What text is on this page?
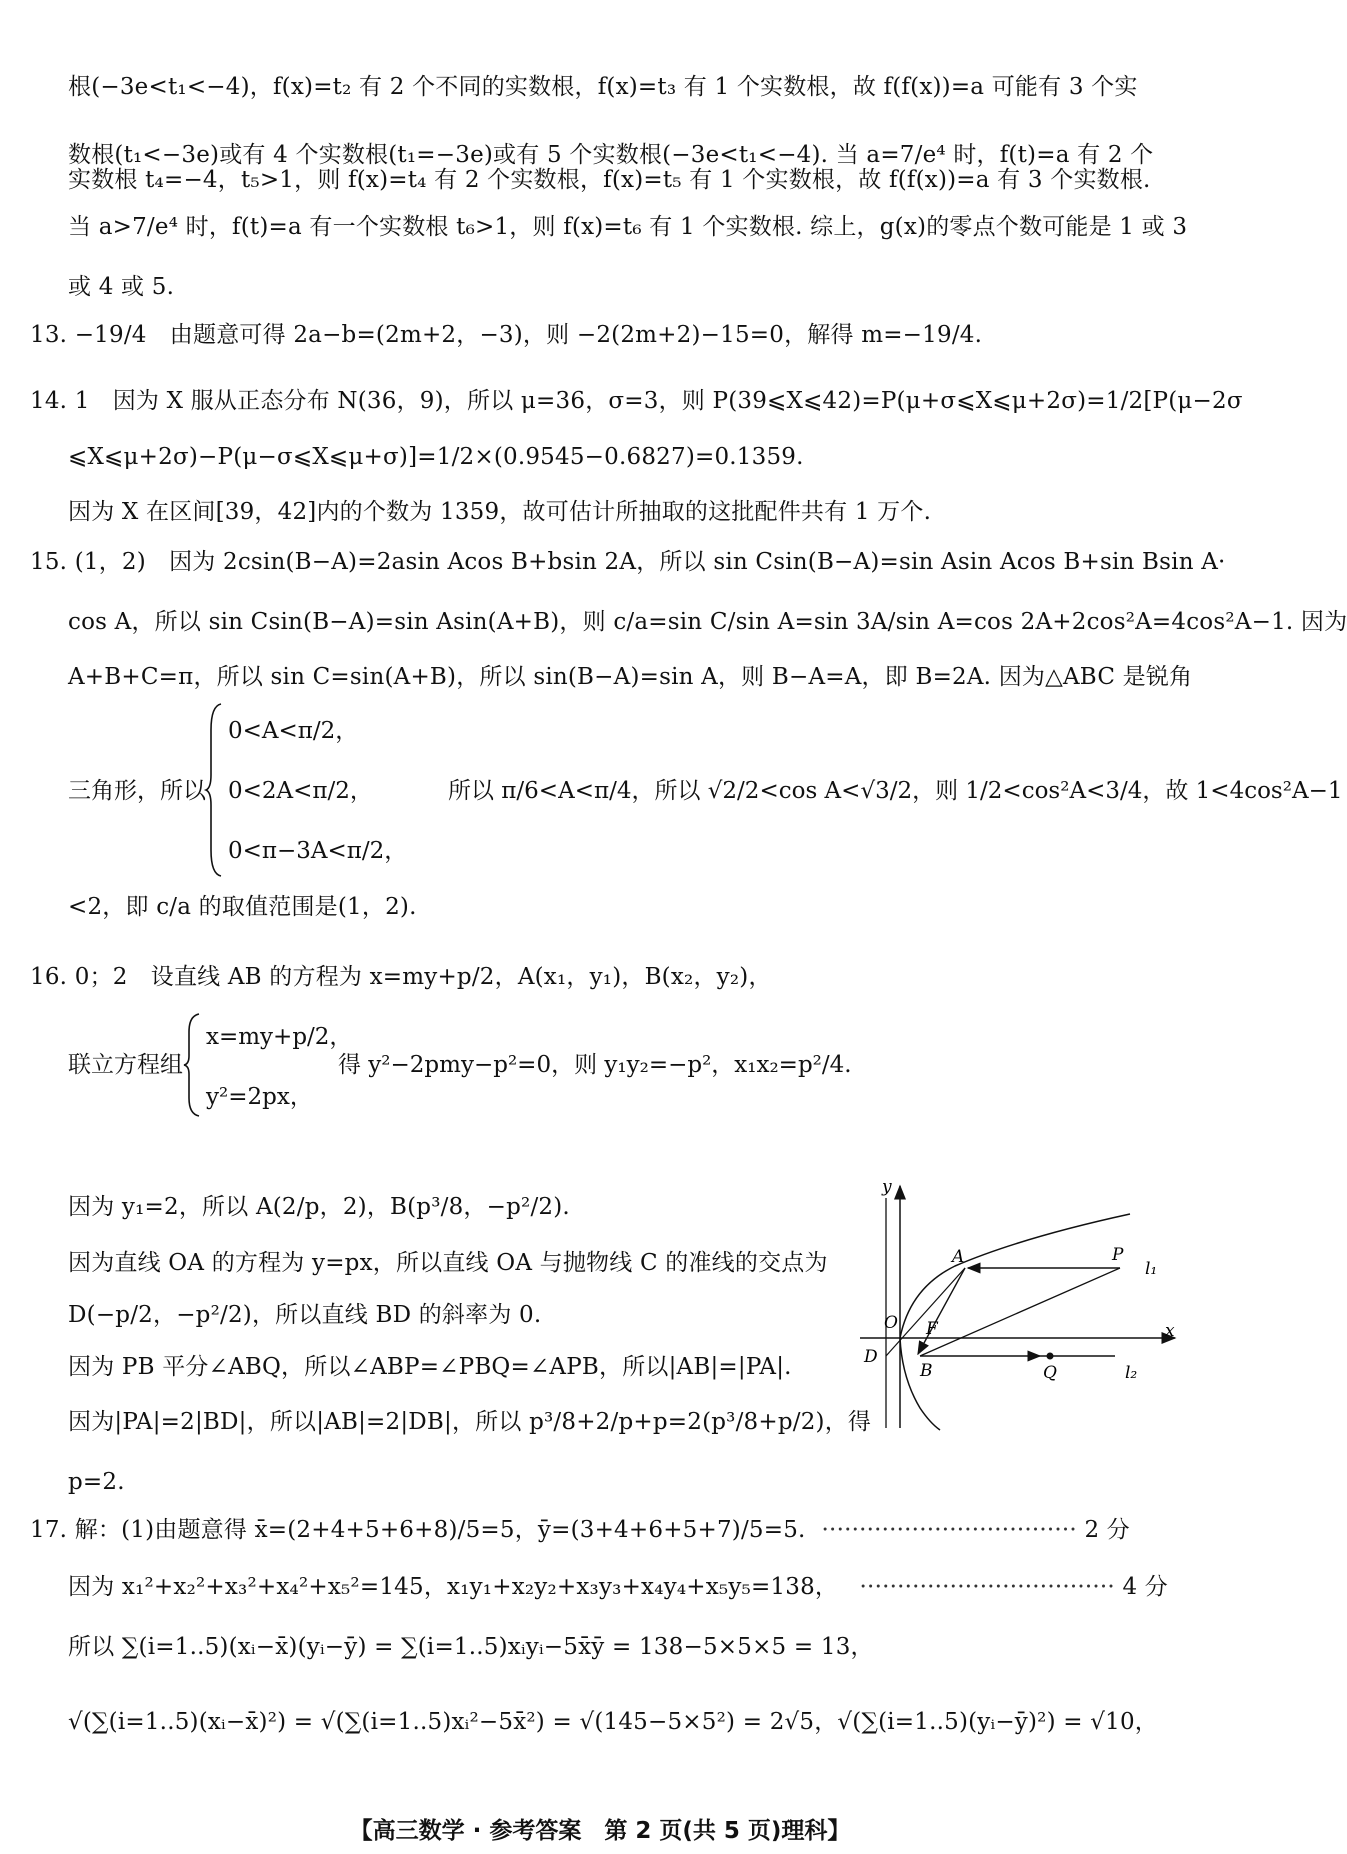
根(−3e<t₁<−4)，f(x)=t₂ 有 2 个不同的实数根，f(x)=t₃ 有 1 个实数根，故 f(f(x))=a 可能有 3 个实
数根(t₁<−3e)或有 4 个实数根(t₁=−3e)或有 5 个实数根(−3e<t₁<−4). 当 a=7/e⁴ 时，f(t)=a 有 2 个
实数根 t₄=−4，t₅>1，则 f(x)=t₄ 有 2 个实数根，f(x)=t₅ 有 1 个实数根，故 f(f(x))=a 有 3 个实数根.
当 a>7/e⁴ 时，f(t)=a 有一个实数根 t₆>1，则 f(x)=t₆ 有 1 个实数根. 综上，g(x)的零点个数可能是 1 或 3
或 4 或 5.
13. −19/4　由题意可得 2a−b=(2m+2，−3)，则 −2(2m+2)−15=0，解得 m=−19/4.
14. 1　因为 X 服从正态分布 N(36，9)，所以 μ=36，σ=3，则 P(39⩽X⩽42)=P(μ+σ⩽X⩽μ+2σ)=1/2[P(μ−2σ
⩽X⩽μ+2σ)−P(μ−σ⩽X⩽μ+σ)]=1/2×(0.9545−0.6827)=0.1359.
因为 X 在区间[39，42]内的个数为 1359，故可估计所抽取的这批配件共有 1 万个.
15. (1，2)　因为 2csin(B−A)=2asin Acos B+bsin 2A，所以 sin Csin(B−A)=sin Asin Acos B+sin Bsin A·
cos A，所以 sin Csin(B−A)=sin Asin(A+B)，则 c/a=sin C/sin A=sin 3A/sin A=cos 2A+2cos²A=4cos²A−1. 因为
A+B+C=π，所以 sin C=sin(A+B)，所以 sin(B−A)=sin A，则 B−A=A，即 B=2A. 因为△ABC 是锐角
三角形，所以
0<A<π/2，
0<2A<π/2，
0<π−3A<π/2，
所以 π/6<A<π/4，所以 √2/2<cos A<√3/2，则 1/2<cos²A<3/4，故 1<4cos²A−1
<2，即 c/a 的取值范围是(1，2).
16. 0；2　设直线 AB 的方程为 x=my+p/2，A(x₁，y₁)，B(x₂，y₂)，
联立方程组
x=my+p/2，
y²=2px，
得 y²−2pmy−p²=0，则 y₁y₂=−p²，x₁x₂=p²/4.
因为 y₁=2，所以 A(2/p，2)，B(p³/8，−p²/2).
因为直线 OA 的方程为 y=px，所以直线 OA 与抛物线 C 的准线的交点为
D(−p/2，−p²/2)，所以直线 BD 的斜率为 0.
因为 PB 平分∠ABQ，所以∠ABP=∠PBQ=∠APB，所以|AB|=|PA|.
因为|PA|=2|BD|，所以|AB|=2|DB|，所以 p³/8+2/p+p=2(p³/8+p/2)，得
p=2.
y
x
O
A	P
l₁
F
D
B	Q	l₂
17. 解：(1)由题意得 x̄=(2+4+5+6+8)/5=5，ȳ=(3+4+6+5+7)/5=5. ·································· 2 分
因为 x₁²+x₂²+x₃²+x₄²+x₅²=145，x₁y₁+x₂y₂+x₃y₃+x₄y₄+x₅y₅=138， ·································· 4 分
所以 ∑(i=1..5)(xᵢ−x̄)(yᵢ−ȳ) = ∑(i=1..5)xᵢyᵢ−5x̄ȳ = 138−5×5×5 = 13，
√(∑(i=1..5)(xᵢ−x̄)²) = √(∑(i=1..5)xᵢ²−5x̄²) = √(145−5×5²) = 2√5，√(∑(i=1..5)(yᵢ−ȳ)²) = √10，
【高三数学 · 参考答案　第 2 页(共 5 页)理科】
